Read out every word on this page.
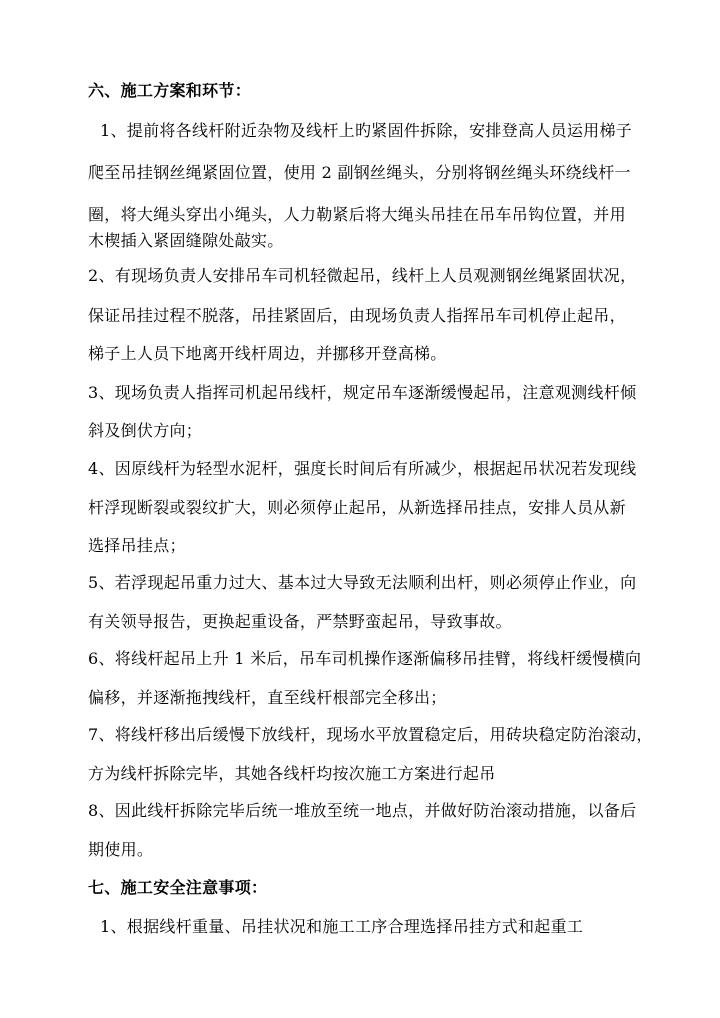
六、施工方案和环节：
1、提前将各线杆附近杂物及线杆上旳紧固件拆除，安排登高人员运用梯子
爬至吊挂钢丝绳紧固位置，使用 2 副钢丝绳头，分别将钢丝绳头环绕线杆一
圈，将大绳头穿出小绳头，人力勒紧后将大绳头吊挂在吊车吊钩位置，并用
木楔插入紧固缝隙处敲实。
2、有现场负责人安排吊车司机轻微起吊，线杆上人员观测钢丝绳紧固状况，
保证吊挂过程不脱落，吊挂紧固后，由现场负责人指挥吊车司机停止起吊，
梯子上人员下地离开线杆周边，并挪移开登高梯。
3、现场负责人指挥司机起吊线杆，规定吊车逐渐缓慢起吊，注意观测线杆倾
斜及倒伏方向；
4、因原线杆为轻型水泥杆，强度长时间后有所减少，根据起吊状况若发现线
杆浮现断裂或裂纹扩大，则必须停止起吊，从新选择吊挂点，安排人员从新
选择吊挂点；
5、若浮现起吊重力过大、基本过大导致无法顺利出杆，则必须停止作业，向
有关领导报告，更换起重设备，严禁野蛮起吊，导致事故。
6、将线杆起吊上升 1 米后，吊车司机操作逐渐偏移吊挂臂，将线杆缓慢横向
偏移，并逐渐拖拽线杆，直至线杆根部完全移出；
7、将线杆移出后缓慢下放线杆，现场水平放置稳定后，用砖块稳定防治滚动，
方为线杆拆除完毕，其她各线杆均按次施工方案进行起吊
8、因此线杆拆除完毕后统一堆放至统一地点，并做好防治滚动措施，以备后
期使用。
七、施工安全注意事项：
1、根据线杆重量、吊挂状况和施工工序合理选择吊挂方式和起重工
